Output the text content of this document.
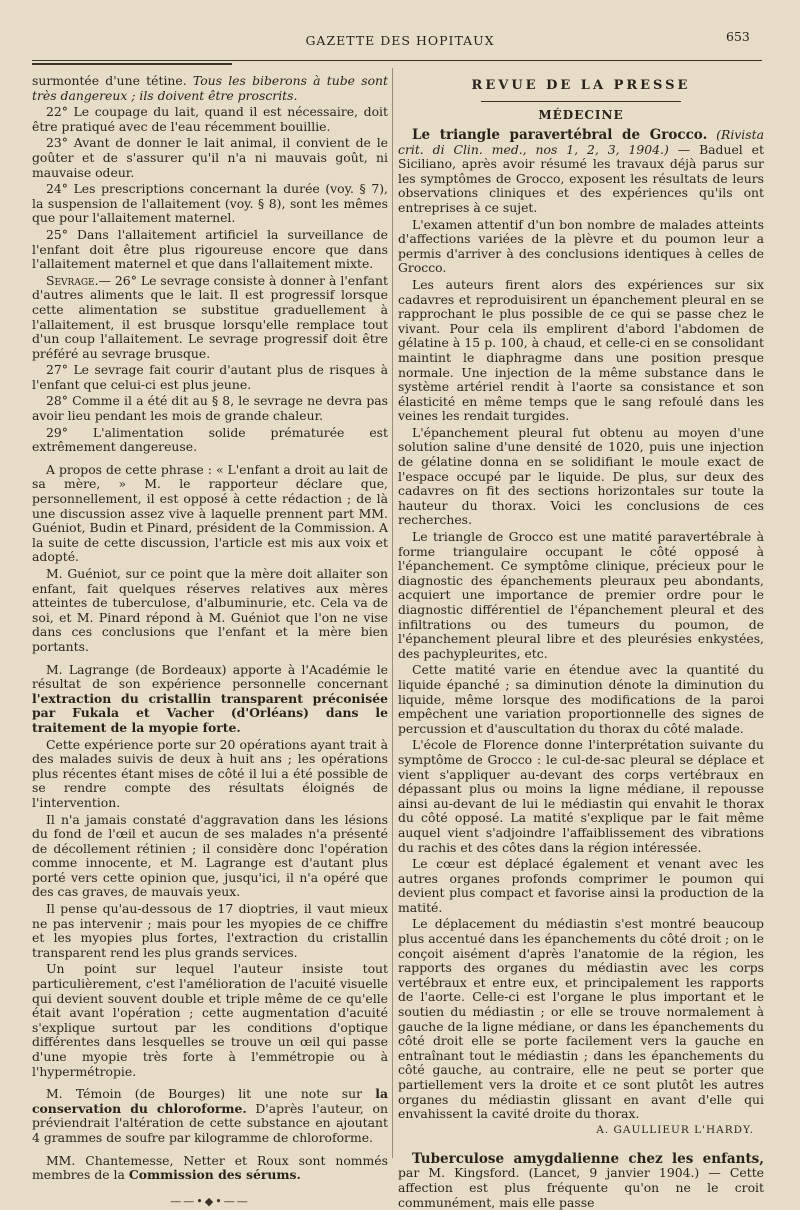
GAZETTE DES HOPITAUX	653

surmontée d'une tétine. Tous les biberons à tube sont très dangereux ; ils doivent être proscrits.

22° Le coupage du lait, quand il est nécessaire, doit être pratiqué avec de l'eau récemment bouillie.

23° Avant de donner le lait animal, il convient de le goûter et de s'assurer qu'il n'a ni mauvais goût, ni mauvaise odeur.

24° Les prescriptions concernant la durée (voy. § 7), la suspension de l'allaitement (voy. § 8), sont les mêmes que pour l'allaitement maternel.

25° Dans l'allaitement artificiel la surveillance de l'enfant doit être plus rigoureuse encore que dans l'allaitement maternel et que dans l'allaitement mixte.

Sevrage.— 26° Le sevrage consiste à donner à l'enfant d'autres aliments que le lait. Il est progressif lorsque cette alimentation se substitue graduellement à l'allaitement, il est brusque lorsqu'elle remplace tout d'un coup l'allaitement. Le sevrage progressif doit être préféré au sevrage brusque.

27° Le sevrage fait courir d'autant plus de risques à l'enfant que celui-ci est plus jeune.

28° Comme il a été dit au § 8, le sevrage ne devra pas avoir lieu pendant les mois de grande chaleur.

29° L'alimentation solide prématurée est extrêmement dangereuse.

A propos de cette phrase : « L'enfant a droit au lait de sa mère, » M. le rapporteur déclare que, personnellement, il est opposé à cette rédaction ; de là une discussion assez vive à laquelle prennent part MM. Guéniot, Budin et Pinard, président de la Commission. A la suite de cette discussion, l'article est mis aux voix et adopté.

M. Guéniot, sur ce point que la mère doit allaiter son enfant, fait quelques réserves relatives aux mères atteintes de tuberculose, d'albuminurie, etc. Cela va de soi, et M. Pinard répond à M. Guéniot que l'on ne vise dans ces conclusions que l'enfant et la mère bien portants.

M. Lagrange (de Bordeaux) apporte à l'Académie le résultat de son expérience personnelle concernant l'extraction du cristallin transparent préconisée par Fukala et Vacher (d'Orléans) dans le traitement de la myopie forte.

Cette expérience porte sur 20 opérations ayant trait à des malades suivis de deux à huit ans ; les opérations plus récentes étant mises de côté il lui a été possible de se rendre compte des résultats éloignés de l'intervention.

Il n'a jamais constaté d'aggravation dans les lésions du fond de l'œil et aucun de ses malades n'a présenté de décollement rétinien ; il considère donc l'opération comme innocente, et M. Lagrange est d'autant plus porté vers cette opinion que, jusqu'ici, il n'a opéré que des cas graves, de mauvais yeux.

Il pense qu'au-dessous de 17 dioptries, il vaut mieux ne pas intervenir ; mais pour les myopies de ce chiffre et les myopies plus fortes, l'extraction du cristallin transparent rend les plus grands services.

Un point sur lequel l'auteur insiste tout particulièrement, c'est l'amélioration de l'acuité visuelle qui devient souvent double et triple même de ce qu'elle était avant l'opération ; cette augmentation d'acuité s'explique surtout par les conditions d'optique différentes dans lesquelles se trouve un œil qui passe d'une myopie très forte à l'emmétropie ou à l'hypermétropie.

M. Témoin (de Bourges) lit une note sur la conservation du chloroforme. D'après l'auteur, on préviendrait l'altération de cette substance en ajoutant 4 grammes de soufre par kilogramme de chloroforme.

MM. Chantemesse, Netter et Roux sont nommés membres de la Commission des sérums.

——•◆•——
REVUE DE LA PRESSE
MÉDECINE

Le triangle paravertébral de Grocco. (Rivista crit. di Clin. med., nos 1, 2, 3, 1904.) — Baduel et Siciliano, après avoir résumé les travaux déjà parus sur les symptômes de Grocco, exposent les résultats de leurs observations cliniques et des expériences qu'ils ont entreprises à ce sujet.

L'examen attentif d'un bon nombre de malades atteints d'affections variées de la plèvre et du poumon leur a permis d'arriver à des conclusions identiques à celles de Grocco.

Les auteurs firent alors des expériences sur six cadavres et reproduisirent un épanchement pleural en se rapprochant le plus possible de ce qui se passe chez le vivant. Pour cela ils emplirent d'abord l'abdomen de gélatine à 15 p. 100, à chaud, et celle-ci en se consolidant maintint le diaphragme dans une position presque normale. Une injection de la même substance dans le système artériel rendit à l'aorte sa consistance et son élasticité en même temps que le sang refoulé dans les veines les rendait turgides.

L'épanchement pleural fut obtenu au moyen d'une solution saline d'une densité de 1020, puis une injection de gélatine donna en se solidifiant le moule exact de l'espace occupé par le liquide. De plus, sur deux des cadavres on fit des sections horizontales sur toute la hauteur du thorax. Voici les conclusions de ces recherches.

Le triangle de Grocco est une matité paravertébrale à forme triangulaire occupant le côté opposé à l'épanchement. Ce symptôme clinique, précieux pour le diagnostic des épanchements pleuraux peu abondants, acquiert une importance de premier ordre pour le diagnostic différentiel de l'épanchement pleural et des infiltrations ou des tumeurs du poumon, de l'épanchement pleural libre et des pleurésies enkystées, des pachypleurites, etc.

Cette matité varie en étendue avec la quantité du liquide épanché ; sa diminution dénote la diminution du liquide, même lorsque des modifications de la paroi empêchent une variation proportionnelle des signes de percussion et d'auscultation du thorax du côté malade.

L'école de Florence donne l'interprétation suivante du symptôme de Grocco : le cul-de-sac pleural se déplace et vient s'appliquer au-devant des corps vertébraux en dépassant plus ou moins la ligne médiane, il repousse ainsi au-devant de lui le médiastin qui envahit le thorax du côté opposé. La matité s'explique par le fait même auquel vient s'adjoindre l'affaiblissement des vibrations du rachis et des côtes dans la région intéressée.

Le cœur est déplacé également et venant avec les autres organes profonds comprimer le poumon qui devient plus compact et favorise ainsi la production de la matité.

Le déplacement du médiastin s'est montré beaucoup plus accentué dans les épanchements du côté droit ; on le conçoit aisément d'après l'anatomie de la région, les rapports des organes du médiastin avec les corps vertébraux et entre eux, et principalement les rapports de l'aorte. Celle-ci est l'organe le plus important et le soutien du médiastin ; or elle se trouve normalement à gauche de la ligne médiane, or dans les épanchements du côté droit elle se porte facilement vers la gauche en entraînant tout le médiastin ; dans les épanchements du côté gauche, au contraire, elle ne peut se porter que partiellement vers la droite et ce sont plutôt les autres organes du médiastin glissant en avant d'elle qui envahissent la cavité droite du thorax.

A. GAULLIEUR L'HARDY.

Tuberculose amygdalienne chez les enfants, par M. Kingsford. (Lancet, 9 janvier 1904.) — Cette affection est plus fréquente qu'on ne le croit communément, mais elle passe
